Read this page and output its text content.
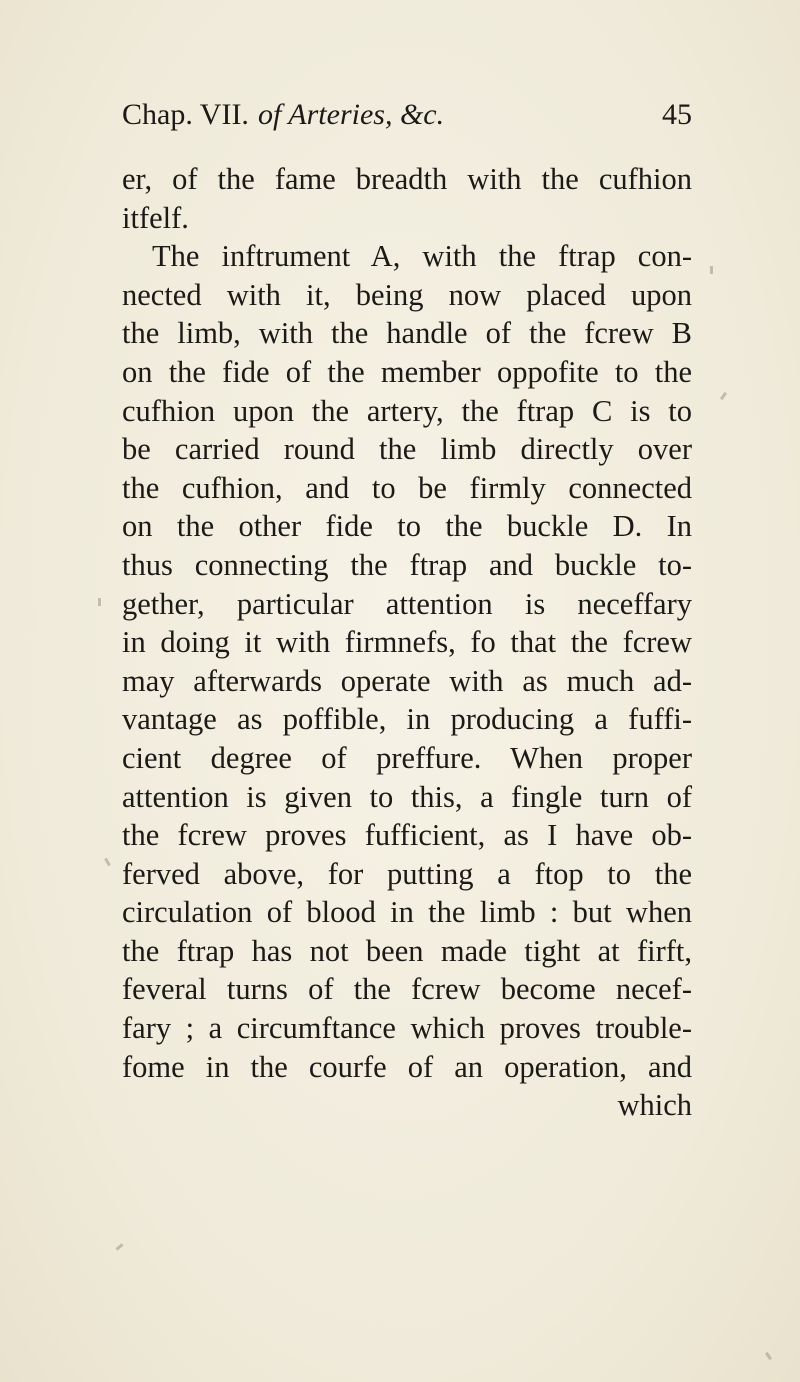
Chap. VII. of Arteries, &c.	45
er, of the fame breadth with the cufhion
itfelf.
The inftrument A, with the ftrap con-
nected with it, being now placed upon
the limb, with the handle of the fcrew B
on the fide of the member oppofite to the
cufhion upon the artery, the ftrap C is to
be carried round the limb directly over
the cufhion, and to be firmly connected
on the other fide to the buckle D. In
thus connecting the ftrap and buckle to-
gether, particular attention is neceffary
in doing it with firmnefs, fo that the fcrew
may afterwards operate with as much ad-
vantage as poffible, in producing a fuffi-
cient degree of preffure. When proper
attention is given to this, a fingle turn of
the fcrew proves fufficient, as I have ob-
ferved above, for putting a ftop to the
circulation of blood in the limb : but when
the ftrap has not been made tight at firft,
feveral turns of the fcrew become necef-
fary ; a circumftance which proves trouble-
fome in the courfe of an operation, and
which
